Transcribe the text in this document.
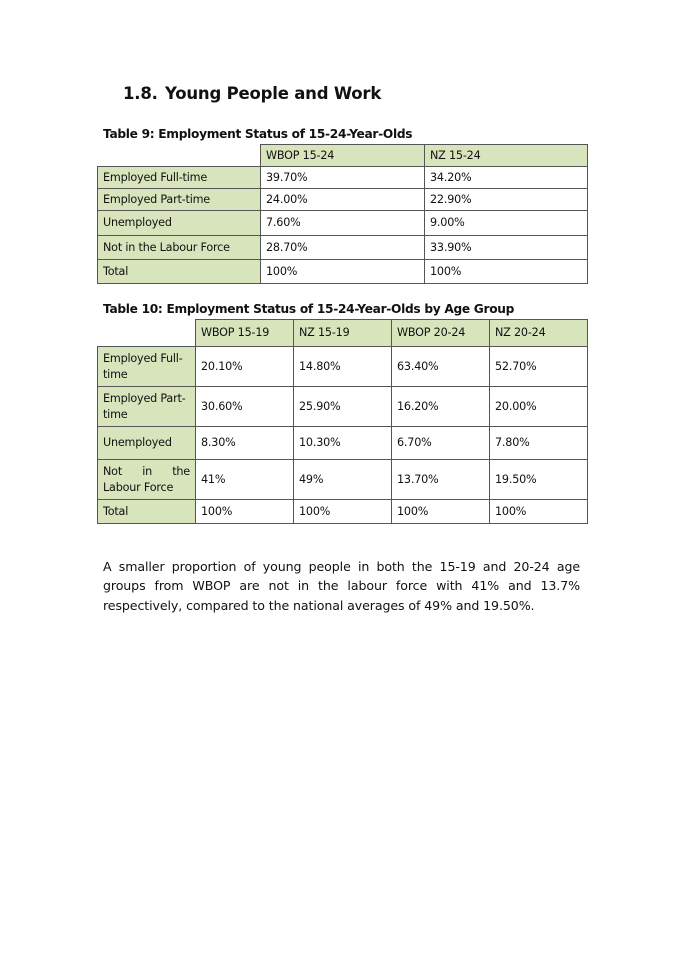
1.8. Young People and Work
Table 9: Employment Status of 15-24-Year-Olds
	WBOP 15-24	NZ 15-24
Employed Full-time	39.70%	34.20%
Employed Part-time	24.00%	22.90%
Unemployed	7.60%	9.00%
Not in the Labour Force	28.70%	33.90%
Total	100%	100%
Table 10: Employment Status of 15-24-Year-Olds by Age Group
	WBOP 15-19	NZ 15-19	WBOP 20-24	NZ 20-24
Employed Full-time	20.10%	14.80%	63.40%	52.70%
Employed Part-time	30.60%	25.90%	16.20%	20.00%
Unemployed	8.30%	10.30%	6.70%	7.80%
Not in the Labour Force	41%	49%	13.70%	19.50%
Total	100%	100%	100%	100%

A smaller proportion of young people in both the 15-19 and 20-24 age groups from WBOP are not in the labour force with 41% and 13.7% respectively, compared to the national averages of 49% and 19.50%.
